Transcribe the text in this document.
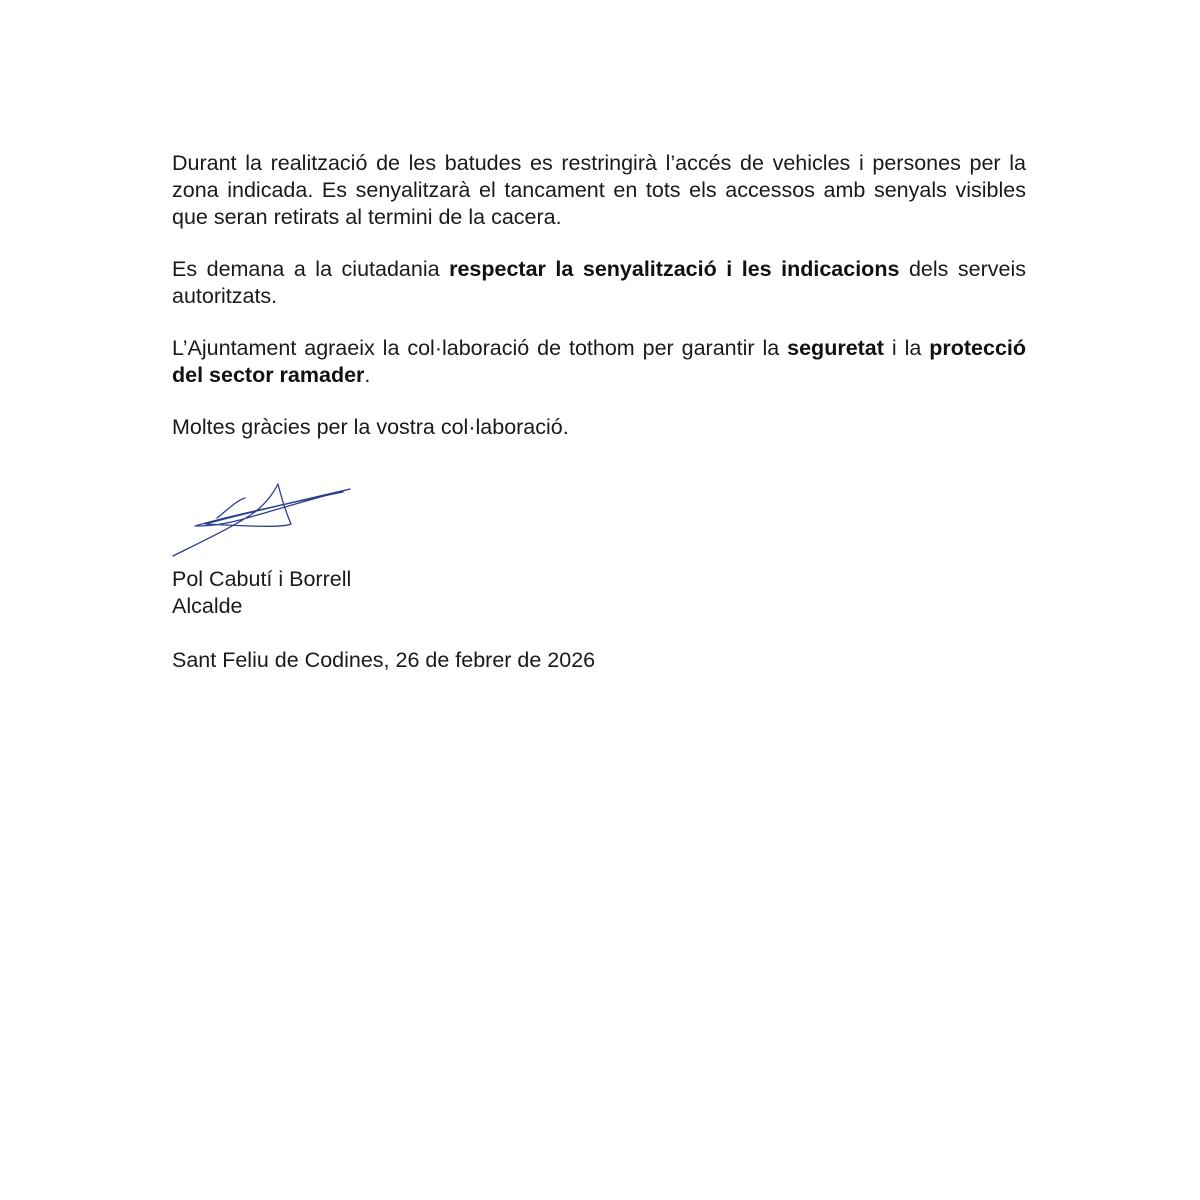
Durant la realització de les batudes es restringirà l’accés de vehicles i persones per la zona indicada. Es senyalitzarà el tancament en tots els accessos amb senyals visibles que seran retirats al termini de la cacera.

Es demana a la ciutadania respectar la senyalització i les indicacions dels serveis autoritzats.

L’Ajuntament agraeix la col·laboració de tothom per garantir la seguretat i la protecció del sector ramader.

Moltes gràcies per la vostra col·laboració.

Pol Cabutí i Borrell
Alcalde
Sant Feliu de Codines, 26 de febrer de 2026
